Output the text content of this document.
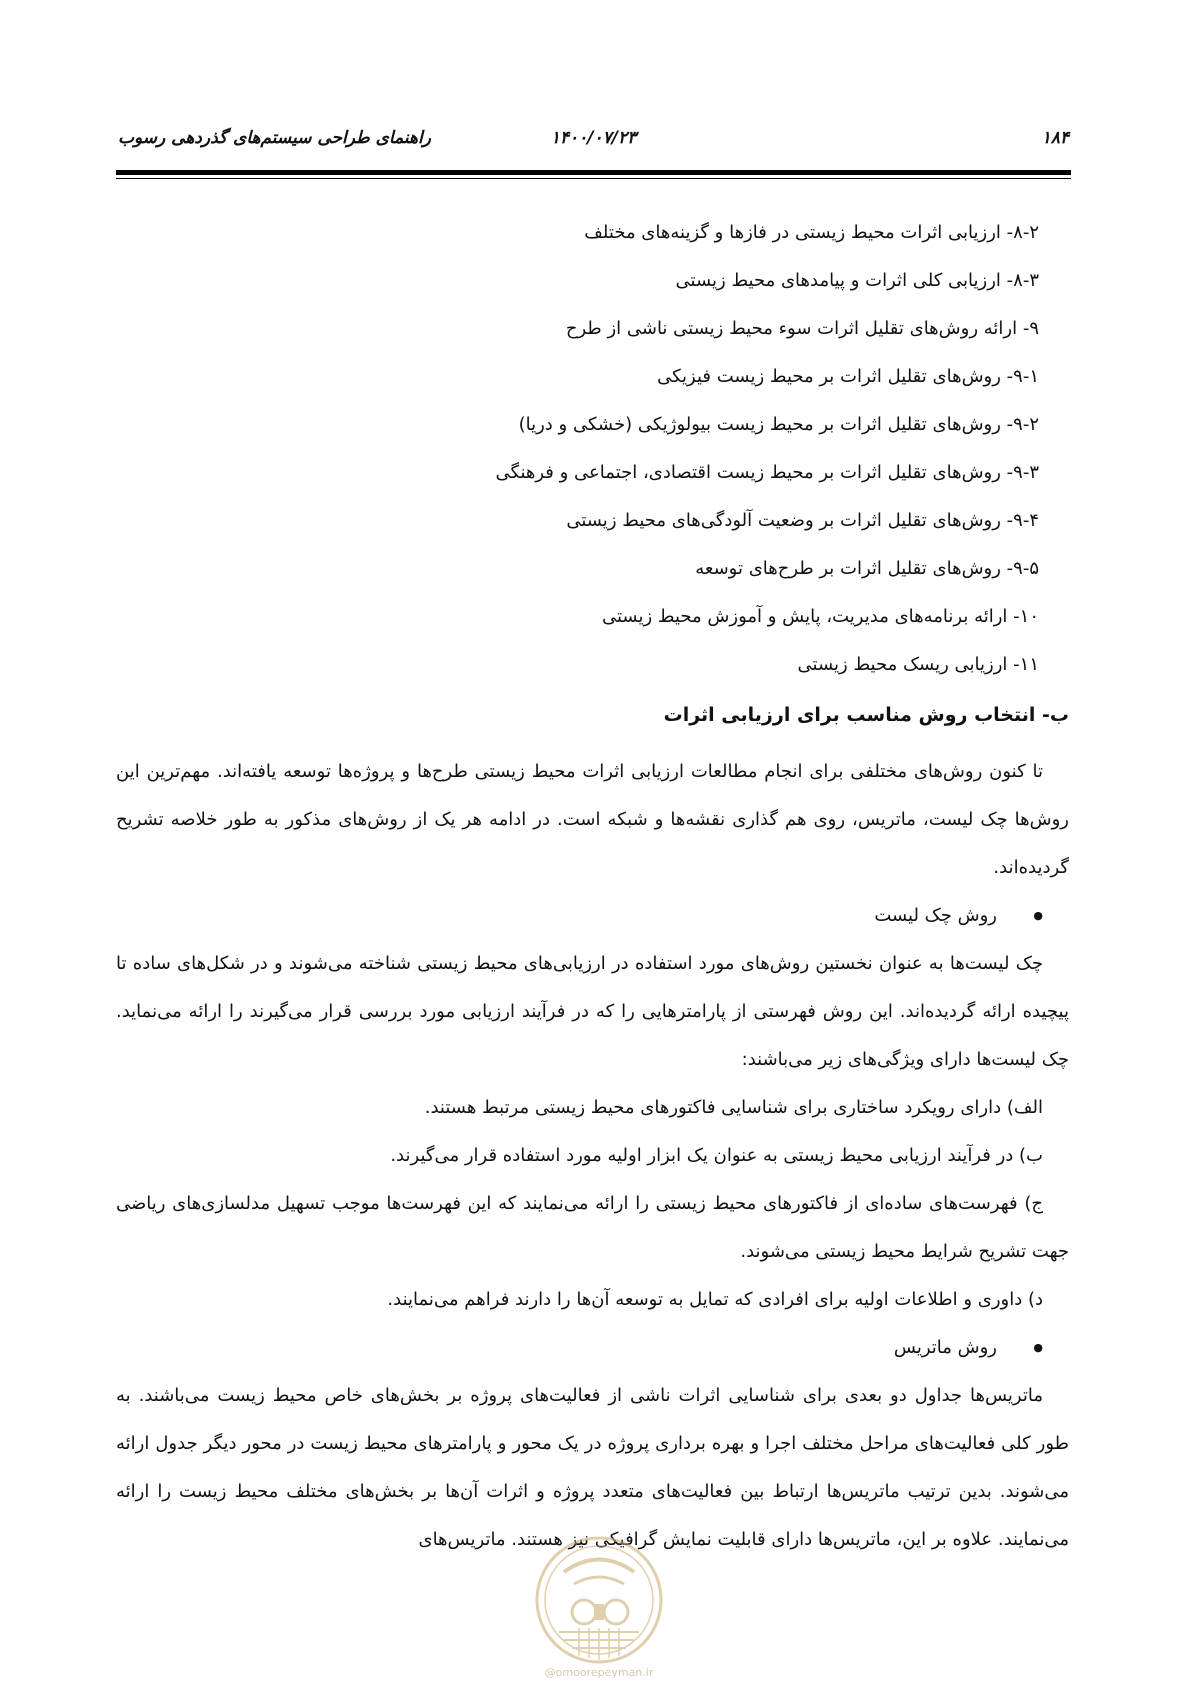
۱۸۴
۱۴۰۰/۰۷/۲۳
راهنمای طراحی سیستم‌های گذردهی رسوب
۸-۲- ارزیابی اثرات محیط زیستی در فازها و گزینه‌های مختلف
۸-۳- ارزیابی کلی اثرات و پیامدهای محیط زیستی
۹- ارائه روش‌های تقلیل اثرات سوء محیط زیستی ناشی از طرح
۹-۱- روش‌های تقلیل اثرات بر محیط زیست فیزیکی
۹-۲- روش‌های تقلیل اثرات بر محیط زیست بیولوژیکی (خشکی و دریا)
۹-۳- روش‌های تقلیل اثرات بر محیط زیست اقتصادی، اجتماعی و فرهنگی
۹-۴- روش‌های تقلیل اثرات بر وضعیت آلودگی‌های محیط زیستی
۹-۵- روش‌های تقلیل اثرات بر طرح‌های توسعه
۱۰- ارائه برنامه‌های مدیریت، پایش و آموزش محیط زیستی
۱۱- ارزیابی ریسک محیط زیستی

ب- انتخاب روش مناسب برای ارزیابی اثرات

تا کنون روش‌های مختلفی برای انجام مطالعات ارزیابی اثرات محیط زیستی طرح‌ها و پروژه‌ها توسعه یافته‌اند. مهم‌ترین این روش‌ها چک لیست، ماتریس، روی هم گذاری نقشه‌ها و شبکه است. در ادامه هر یک از روش‌های مذکور به طور خلاصه تشریح گردیده‌اند.

● روش چک لیست

چک لیست‌ها به عنوان نخستین روش‌های مورد استفاده در ارزیابی‌های محیط زیستی شناخته می‌شوند و در شکل‌های ساده تا پیچیده ارائه گردیده‌اند. این روش فهرستی از پارامترهایی را که در فرآیند ارزیابی مورد بررسی قرار می‌گیرند را ارائه می‌نماید. چک لیست‌ها دارای ویژگی‌های زیر می‌باشند:

الف) دارای رویکرد ساختاری برای شناسایی فاکتورهای محیط زیستی مرتبط هستند.

ب) در فرآیند ارزیابی محیط زیستی به عنوان یک ابزار اولیه مورد استفاده قرار می‌گیرند.

ج) فهرست‌های ساده‌ای از فاکتورهای محیط زیستی را ارائه می‌نمایند که این فهرست‌ها موجب تسهیل مدلسازی‌های ریاضی جهت تشریح شرایط محیط زیستی می‌شوند.

د) داوری و اطلاعات اولیه برای افرادی که تمایل به توسعه آن‌ها را دارند فراهم می‌نمایند.

● روش ماتریس

ماتریس‌ها جداول دو بعدی برای شناسایی اثرات ناشی از فعالیت‌های پروژه بر بخش‌های خاص محیط زیست می‌باشند. به طور کلی فعالیت‌های مراحل مختلف اجرا و بهره برداری پروژه در یک محور و پارامترهای محیط زیست در محور دیگر جدول ارائه می‌شوند. بدین ترتیب ماتریس‌ها ارتباط بین فعالیت‌های متعدد پروژه و اثرات آن‌ها بر بخش‌های مختلف محیط زیست را ارائه می‌نمایند. علاوه بر این، ماتریس‌ها دارای قابلیت نمایش گرافیکی نیز هستند. ماتریس‌های

@omoorepeyman.ir
